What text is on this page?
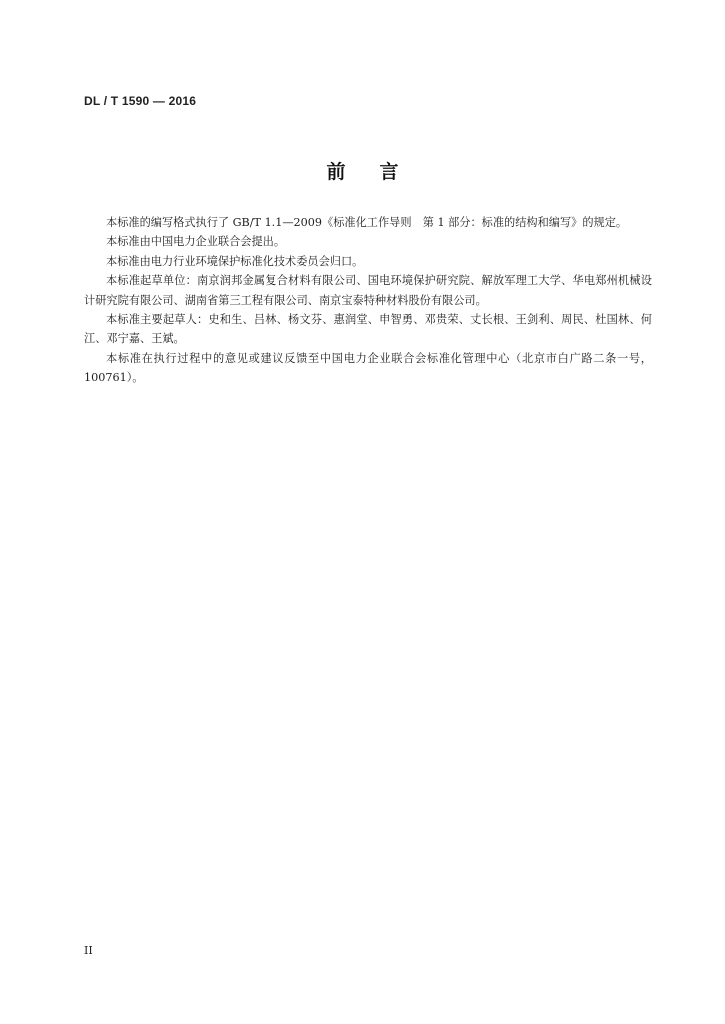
DL / T 1590 — 2016
前言

本标准的编写格式执行了 GB/T 1.1—2009《标准化工作导则　第 1 部分：标准的结构和编写》的规定。

本标准由中国电力企业联合会提出。

本标准由电力行业环境保护标准化技术委员会归口。

本标准起草单位：南京润邦金属复合材料有限公司、国电环境保护研究院、解放军理工大学、华电郑州机械设计研究院有限公司、湖南省第三工程有限公司、南京宝泰特种材料股份有限公司。

本标准主要起草人：史和生、吕林、杨文芬、惠润堂、申智勇、邓贵荣、丈长根、王剑利、周民、杜国林、何江、邓宁嘉、王斌。

本标准在执行过程中的意见或建议反馈至中国电力企业联合会标准化管理中心（北京市白广路二条一号，100761）。

II
